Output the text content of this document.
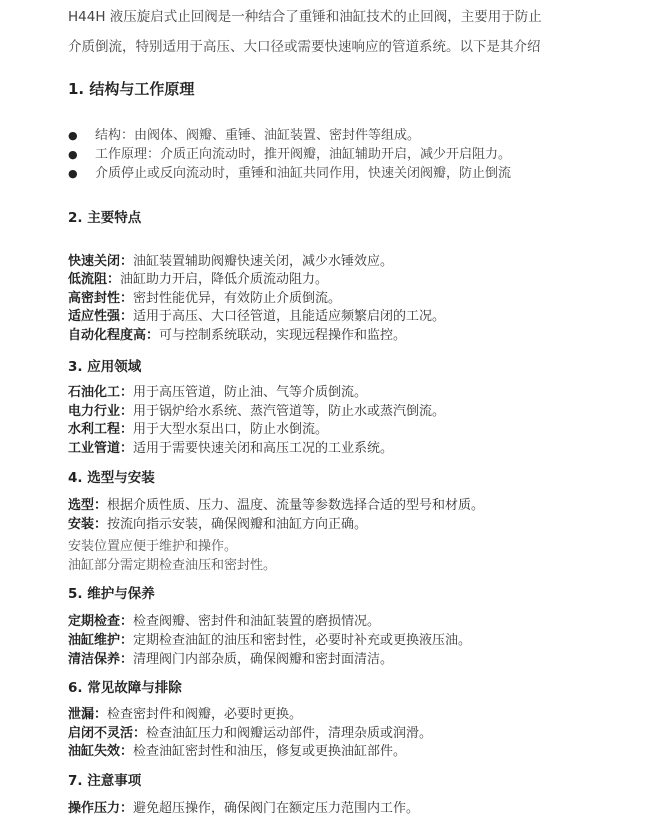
H44H 液压旋启式止回阀是一种结合了重锤和油缸技术的止回阀，主要用于防止
介质倒流，特别适用于高压、大口径或需要快速响应的管道系统。以下是其介绍
1. 结构与工作原理
● 结构：由阀体、阀瓣、重锤、油缸装置、密封件等组成。
● 工作原理：介质正向流动时，推开阀瓣，油缸辅助开启，减少开启阻力。
● 介质停止或反向流动时，重锤和油缸共同作用，快速关闭阀瓣，防止倒流
2. 主要特点
快速关闭：油缸装置辅助阀瓣快速关闭，减少水锤效应。
低流阻：油缸助力开启，降低介质流动阻力。
高密封性：密封性能优异，有效防止介质倒流。
适应性强：适用于高压、大口径管道，且能适应频繁启闭的工况。
自动化程度高：可与控制系统联动，实现远程操作和监控。
3. 应用领域
石油化工：用于高压管道，防止油、气等介质倒流。
电力行业：用于锅炉给水系统、蒸汽管道等，防止水或蒸汽倒流。
水利工程：用于大型水泵出口，防止水倒流。
工业管道：适用于需要快速关闭和高压工况的工业系统。
4. 选型与安装
选型：根据介质性质、压力、温度、流量等参数选择合适的型号和材质。
安装：按流向指示安装，确保阀瓣和油缸方向正确。
安装位置应便于维护和操作。
油缸部分需定期检查油压和密封性。
5. 维护与保养
定期检查：检查阀瓣、密封件和油缸装置的磨损情况。
油缸维护：定期检查油缸的油压和密封性，必要时补充或更换液压油。
清洁保养：清理阀门内部杂质，确保阀瓣和密封面清洁。
6. 常见故障与排除
泄漏：检查密封件和阀瓣，必要时更换。
启闭不灵活：检查油缸压力和阀瓣运动部件，清理杂质或润滑。
油缸失效：检查油缸密封性和油压，修复或更换油缸部件。
7. 注意事项
操作压力：避免超压操作，确保阀门在额定压力范围内工作。
